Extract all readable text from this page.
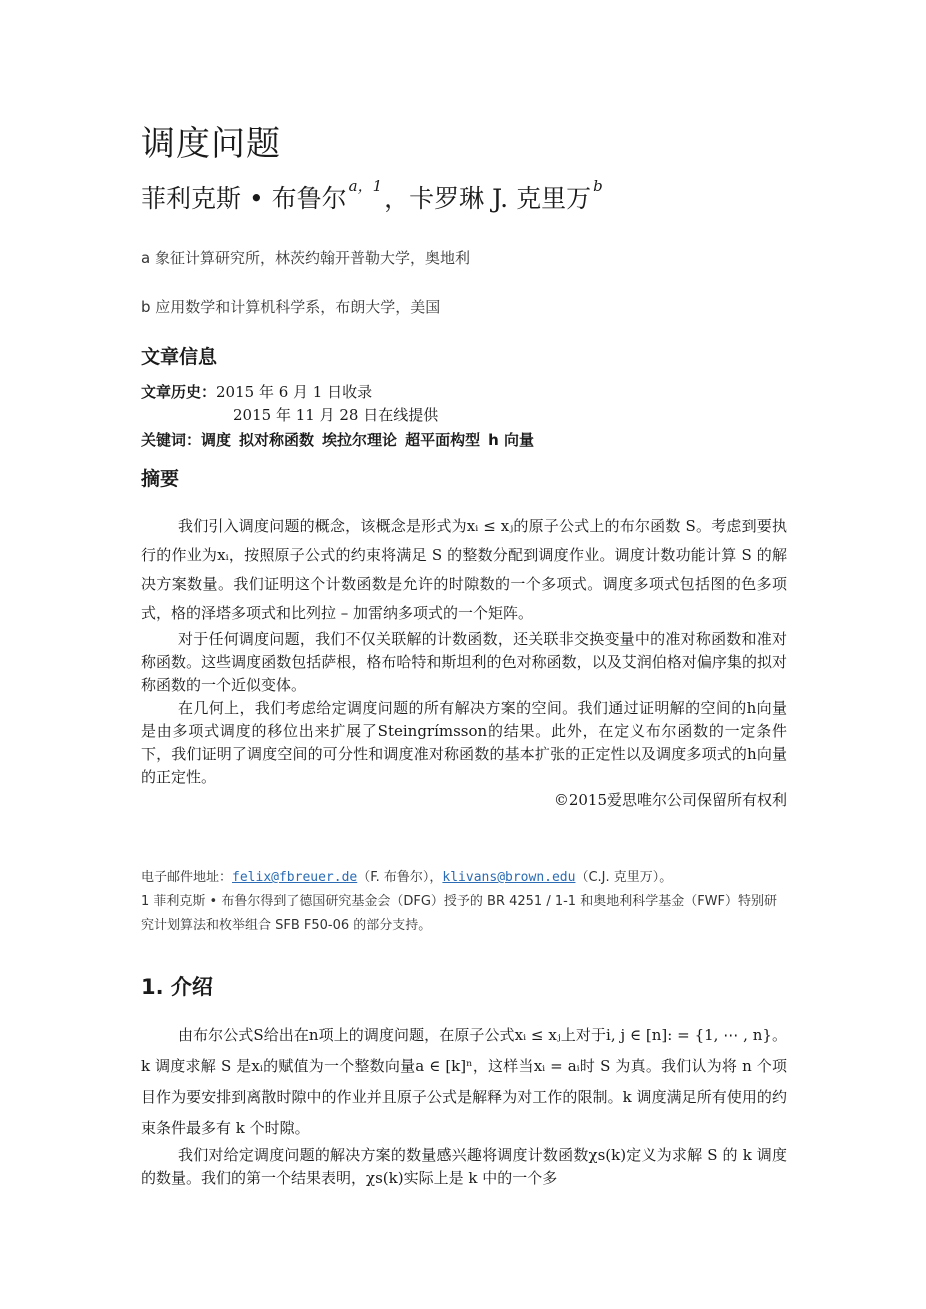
调度问题
菲利克斯 • 布鲁尔 $^{a,1}$，卡罗琳 J. 克里万 $^b$
a 象征计算研究所，林茨约翰开普勒大学，奥地利
b 应用数学和计算机科学系，布朗大学，美国
文章信息
文章历史：2015 年 6 月 1 日收录
2015 年 11 月 28 日在线提供
关键词：调度 拟对称函数 埃拉尔理论 超平面构型 h 向量
摘要

我们引入调度问题的概念，该概念是形式为xᵢ ≤ xⱼ的原子公式上的布尔函数 S。考虑到要执行的作业为xᵢ，按照原子公式的约束将满足 S 的整数分配到调度作业。调度计数功能计算 S 的解决方案数量。我们证明这个计数函数是允许的时隙数的一个多项式。调度多项式包括图的色多项式，格的泽塔多项式和比列拉 – 加雷纳多项式的一个矩阵。

对于任何调度问题，我们不仅关联解的计数函数，还关联非交换变量中的准对称函数和准对称函数。这些调度函数包括萨根，格布哈特和斯坦利的色对称函数，以及艾润伯格对偏序集的拟对称函数的一个近似变体。

在几何上，我们考虑给定调度问题的所有解决方案的空间。我们通过证明解的空间的h向量是由多项式调度的移位出来扩展了Steingrímsson的结果。此外，在定义布尔函数的一定条件下，我们证明了调度空间的可分性和调度准对称函数的基本扩张的正定性以及调度多项式的h向量的正定性。

©2015爱思唯尔公司保留所有权利

电子邮件地址：felix@fbreuer.de（F. 布鲁尔），klivans@brown.edu（C.J. 克里万）。

1 菲利克斯 • 布鲁尔得到了德国研究基金会（DFG）授予的 BR 4251 / 1-1 和奥地利科学基金（FWF）特别研究计划算法和枚举组合 SFB F50-06 的部分支持。

1. 介绍

由布尔公式S给出在n项上的调度问题，在原子公式xᵢ ≤ xⱼ上对于i, j ∈ [n]: = {1, ⋯ , n}。k 调度求解 S 是xᵢ的赋值为一个整数向量a ∈ [k]ⁿ，这样当xᵢ = aᵢ时 S 为真。我们认为将 n 个项目作为要安排到离散时隙中的作业并且原子公式是解释为对工作的限制。k 调度满足所有使用的约束条件最多有 k 个时隙。

我们对给定调度问题的解决方案的数量感兴趣将调度计数函数χs(k)定义为求解 S 的 k 调度的数量。我们的第一个结果表明，χs(k)实际上是 k 中的一个多
